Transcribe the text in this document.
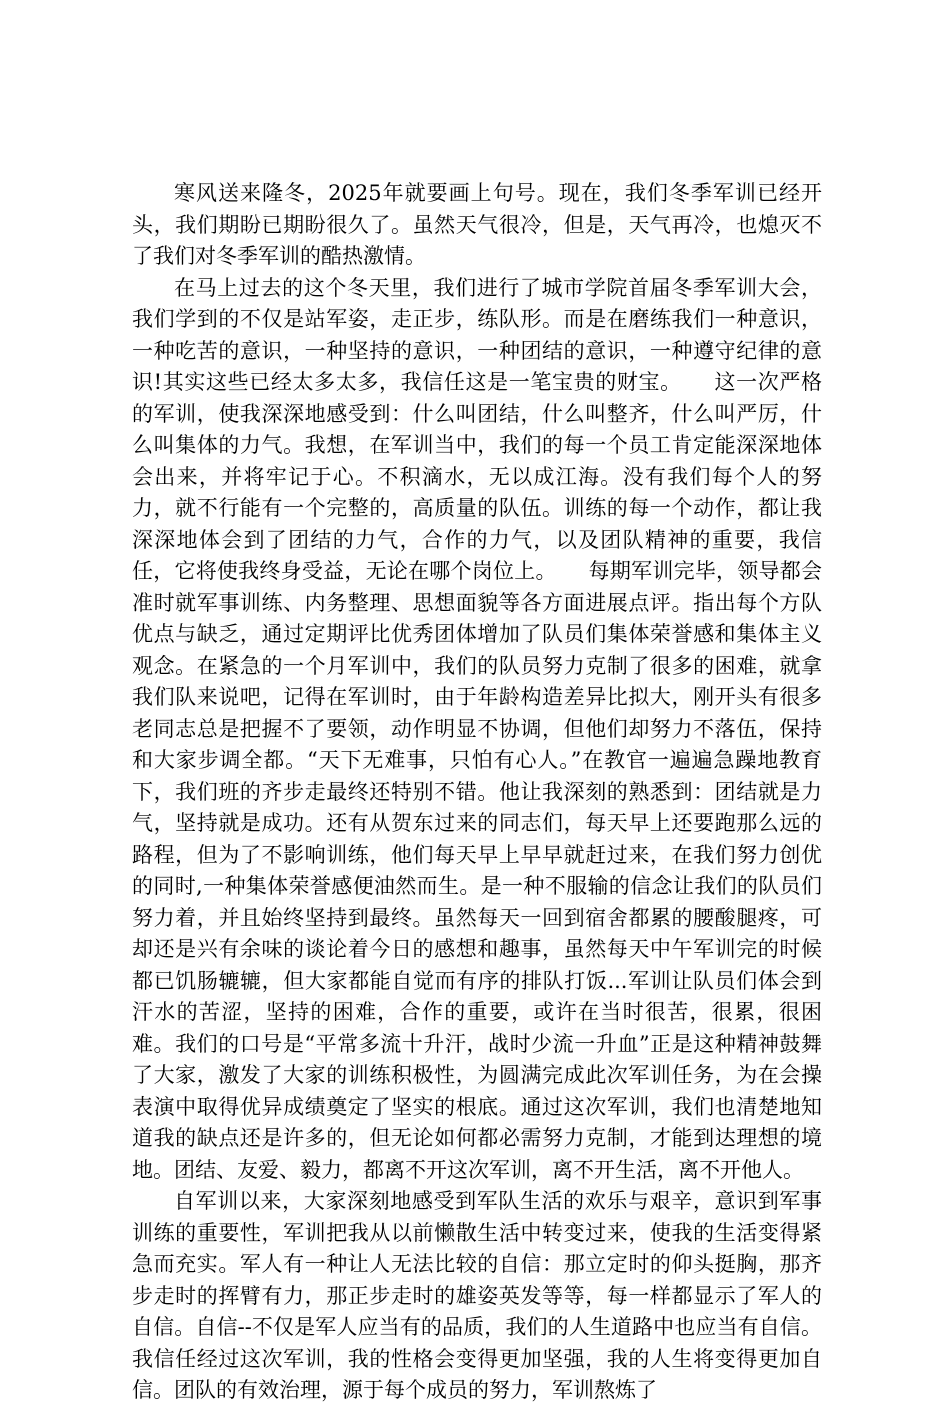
寒风送来隆冬，2025年就要画上句号。现在，我们冬季军训已经开头，我们期盼已期盼很久了。虽然天气很冷，但是，天气再冷，也熄灭不了我们对冬季军训的酷热激情。

在马上过去的这个冬天里，我们进行了城市学院首届冬季军训大会，我们学到的不仅是站军姿，走正步，练队形。而是在磨练我们一种意识，一种吃苦的意识，一种坚持的意识，一种团结的意识，一种遵守纪律的意识!其实这些已经太多太多，我信任这是一笔宝贵的财宝。　　这一次严格的军训，使我深深地感受到：什么叫团结，什么叫整齐，什么叫严厉，什么叫集体的力气。我想，在军训当中，我们的每一个员工肯定能深深地体会出来，并将牢记于心。不积滴水，无以成江海。没有我们每个人的努力，就不行能有一个完整的，高质量的队伍。训练的每一个动作，都让我深深地体会到了团结的力气，合作的力气，以及团队精神的重要，我信任，它将使我终身受益，无论在哪个岗位上。　　每期军训完毕，领导都会准时就军事训练、内务整理、思想面貌等各方面进展点评。指出每个方队优点与缺乏，通过定期评比优秀团体增加了队员们集体荣誉感和集体主义观念。在紧急的一个月军训中，我们的队员努力克制了很多的困难，就拿我们队来说吧，记得在军训时，由于年龄构造差异比拟大，刚开头有很多老同志总是把握不了要领，动作明显不协调，但他们却努力不落伍，保持和大家步调全都。“天下无难事，只怕有心人。”在教官一遍遍急躁地教育下，我们班的齐步走最终还特别不错。他让我深刻的熟悉到：团结就是力气，坚持就是成功。还有从贺东过来的同志们，每天早上还要跑那么远的路程，但为了不影响训练，他们每天早上早早就赶过来，在我们努力创优的同时,一种集体荣誉感便油然而生。是一种不服输的信念让我们的队员们努力着，并且始终坚持到最终。虽然每天一回到宿舍都累的腰酸腿疼，可却还是兴有余味的谈论着今日的感想和趣事，虽然每天中午军训完的时候都已饥肠辘辘，但大家都能自觉而有序的排队打饭...军训让队员们体会到汗水的苦涩，坚持的困难，合作的重要，或许在当时很苦，很累，很困难。我们的口号是“平常多流十升汗，战时少流一升血”正是这种精神鼓舞了大家，激发了大家的训练积极性，为圆满完成此次军训任务，为在会操表演中取得优异成绩奠定了坚实的根底。通过这次军训，我们也清楚地知道我的缺点还是许多的，但无论如何都必需努力克制，才能到达理想的境地。团结、友爱、毅力，都离不开这次军训，离不开生活，离不开他人。

自军训以来，大家深刻地感受到军队生活的欢乐与艰辛，意识到军事训练的重要性，军训把我从以前懒散生活中转变过来，使我的生活变得紧急而充实。军人有一种让人无法比较的自信：那立定时的仰头挺胸，那齐步走时的挥臂有力，那正步走时的雄姿英发等等，每一样都显示了军人的自信。自信--不仅是军人应当有的品质，我们的人生道路中也应当有自信。我信任经过这次军训，我的性格会变得更加坚强，我的人生将变得更加自信。团队的有效治理，源于每个成员的努力，军训熬炼了
